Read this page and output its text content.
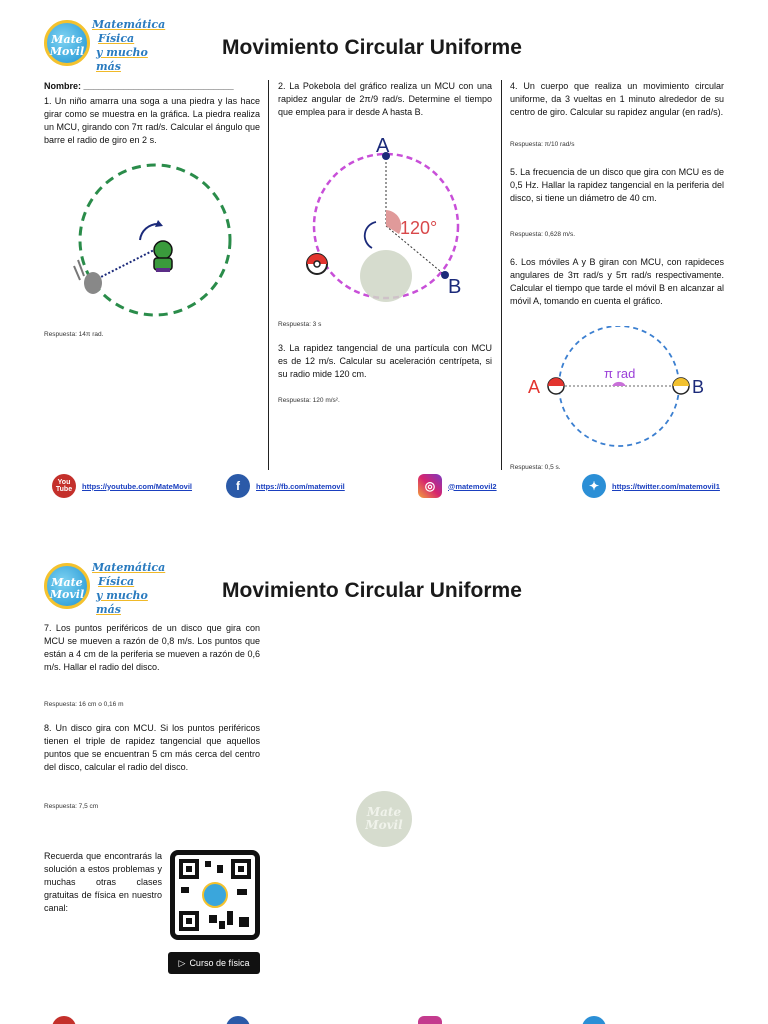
Mate
Movil
Matemática
Física
y mucho más
Movimiento Circular Uniforme

Nombre: ______________________________

1. Un niño amarra una soga a una piedra y las hace girar como se muestra en la gráfica. La piedra realiza un MCU, girando con 7π rad/s. Calcular el ángulo que barre el radio de giro en 2 s.

Respuesta: 14π rad.

2. La Pokebola del gráfico realiza un MCU con una rapidez angular de 2π/9 rad/s. Determine el tiempo que emplea para ir desde A hasta B.

A
B
120°
Respuesta: 3 s

3. La rapidez tangencial de una partícula con MCU es de 12 m/s. Calcular su aceleración centrípeta, si su radio mide 120 cm.

Respuesta: 120 m/s².

4. Un cuerpo que realiza un movimiento circular uniforme, da 3 vueltas en 1 minuto alrededor de su centro de giro. Calcular su rapidez angular (en rad/s).

Respuesta: π/10 rad/s

5. La frecuencia de un disco que gira con MCU es de 0,5 Hz. Hallar la rapidez tangencial en la periferia del disco, si tiene un diámetro de 40 cm.

Respuesta: 0,628 m/s.

6. Los móviles A y B giran con MCU, con rapideces angulares de 3π rad/s y 5π rad/s respectivamente. Calcular el tiempo que tarde el móvil B en alcanzar al móvil A, tomando en cuenta el gráfico.

π rad
A	B
Respuesta: 0,5 s.
You Tube	https://youtube.com/MateMovil	f	https://fb.com/matemovil	◎	@matemovil2	✦	https://twitter.com/matemovil1
Mate
Movil
Matemática
Física
y mucho más
Movimiento Circular Uniforme

7. Los puntos periféricos de un disco que gira con MCU se mueven a razón de 0,8 m/s. Los puntos que están a 4 cm de la periferia se mueven a razón de 0,6 m/s. Hallar el radio del disco.

Respuesta: 16 cm o 0,16 m

8. Un disco gira con MCU. Si los puntos periféricos tienen el triple de rapidez tangencial que aquellos puntos que se encuentran 5 cm más cerca del centro del disco, calcular el radio del disco.

Respuesta: 7,5 cm

Recuerda que encontrarás la solución a estos problemas y muchas otras clases gratuitas de física en nuestro canal:

▷ Curso de física
Mate
Movil
